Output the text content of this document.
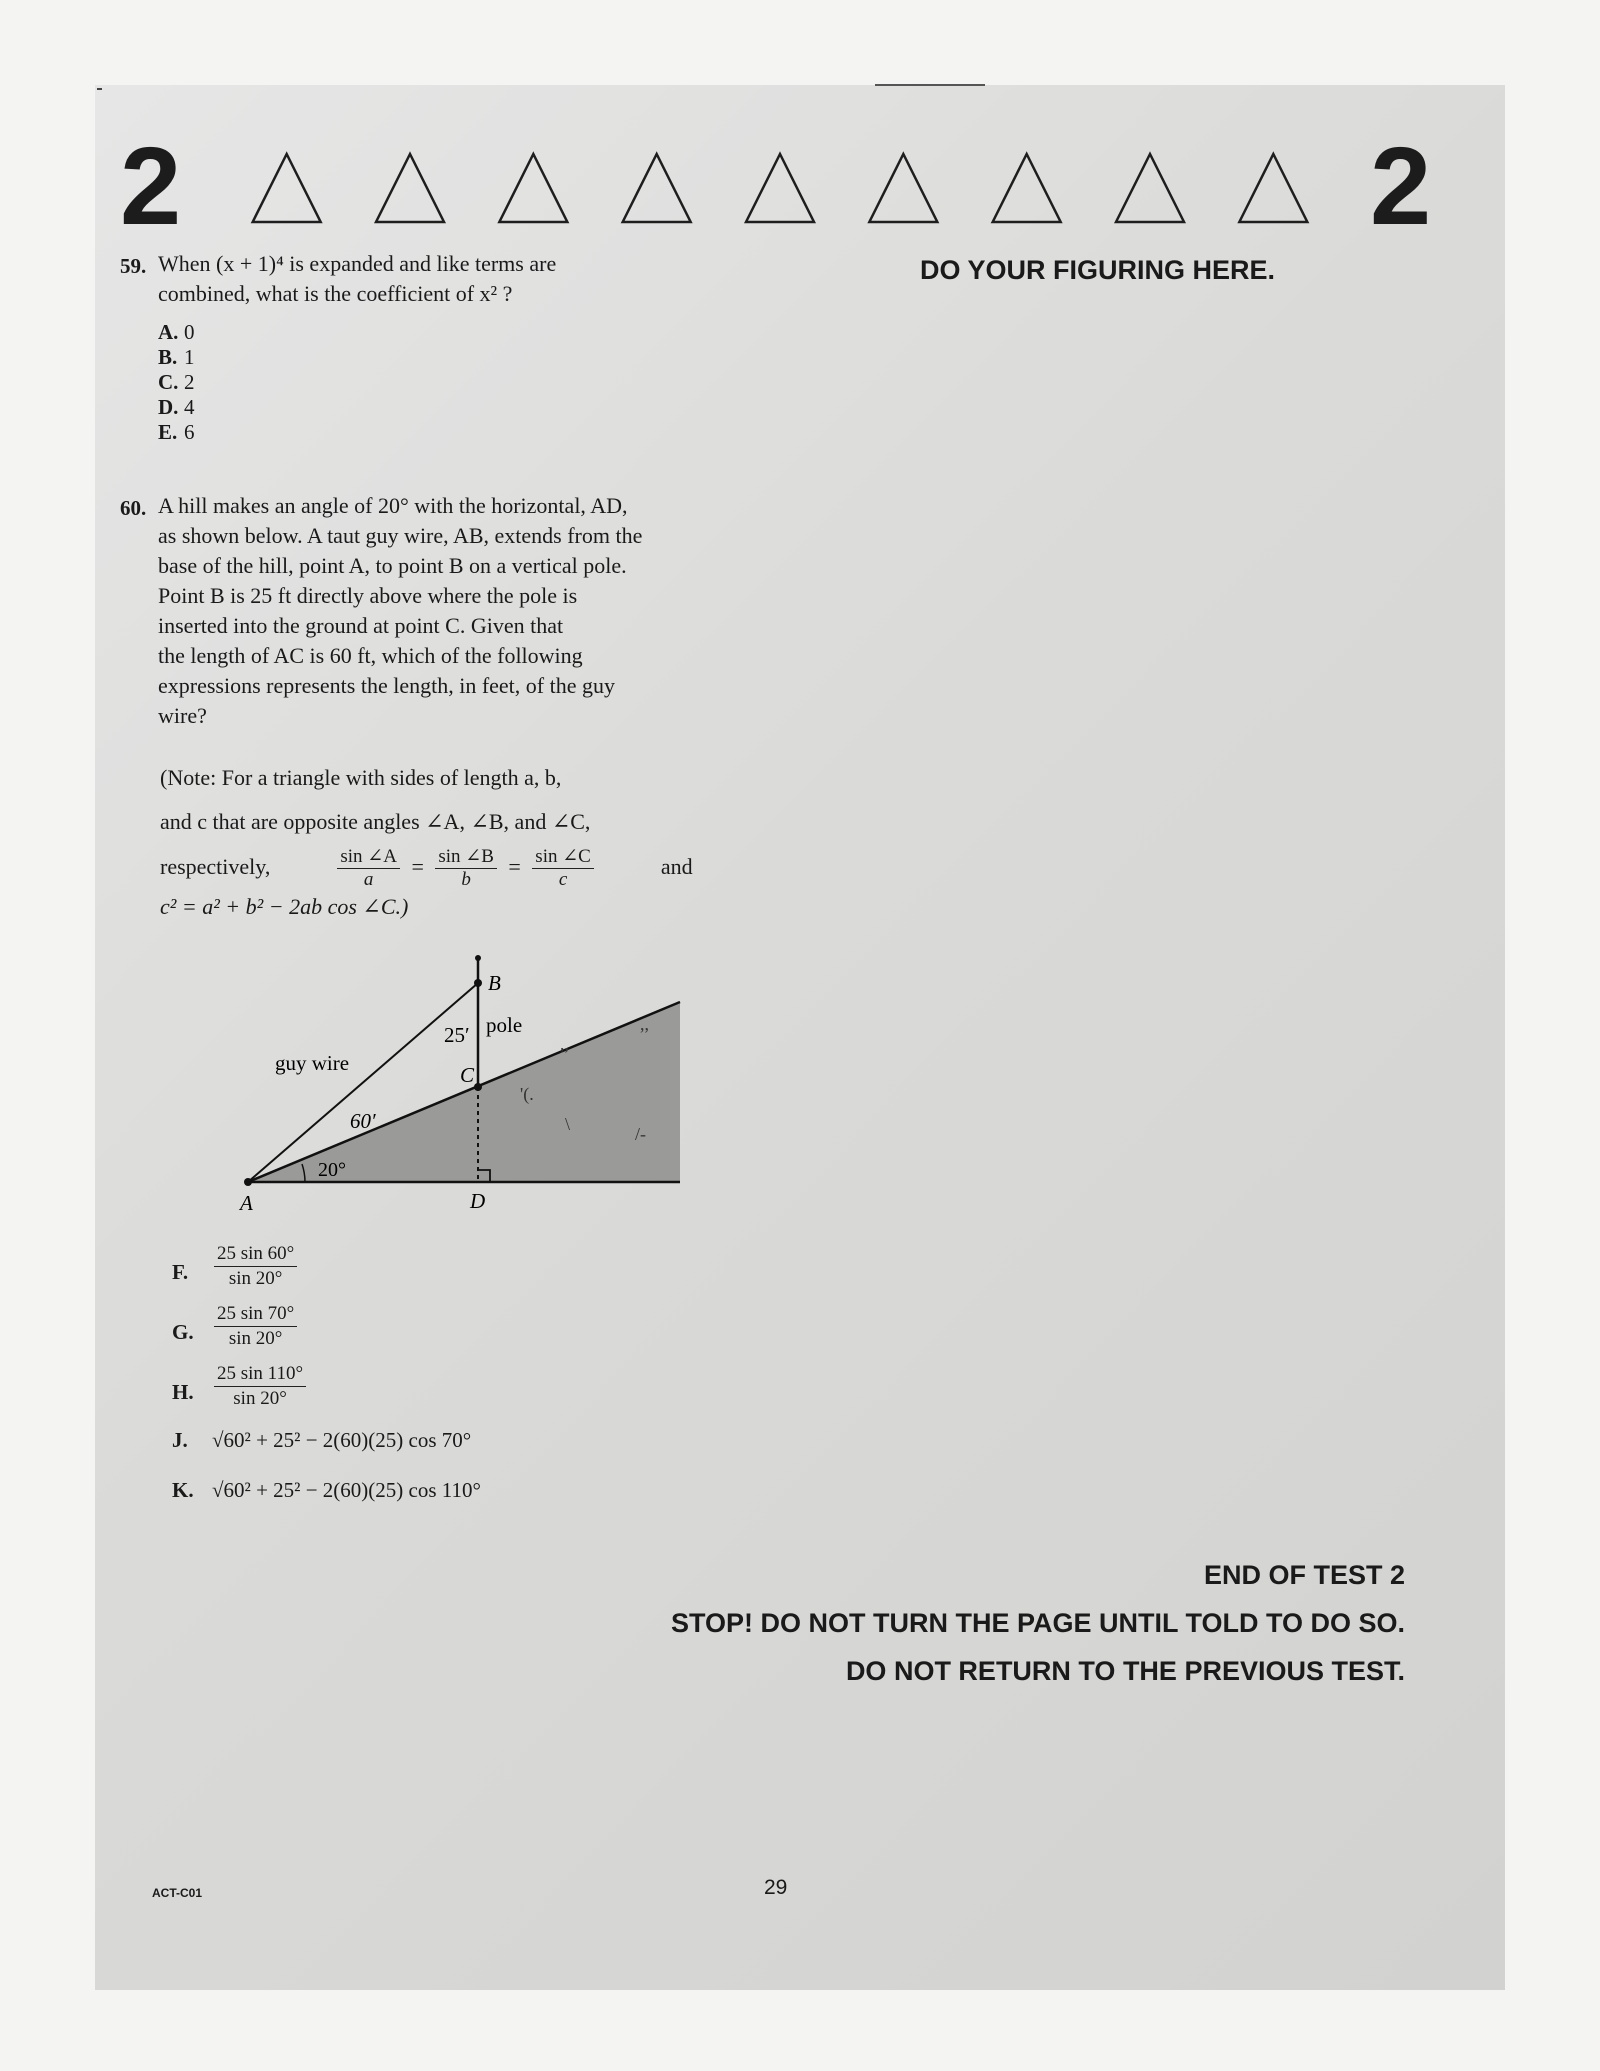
2	2
DO YOUR FIGURING HERE.
59. When (x + 1)⁴ is expanded and like terms are
combined, what is the coefficient of x² ?
A. 0
B. 1
C. 2
D. 4
E. 6
60. A hill makes an angle of 20° with the horizontal, AD,
as shown below. A taut guy wire, AB, extends from the
base of the hill, point A, to point B on a vertical pole.
Point B is 25 ft directly above where the pole is
inserted into the ground at point C. Given that
the length of AC is 60 ft, which of the following
expressions represents the length, in feet, of the guy
wire?
(Note: For a triangle with sides of length a, b,
and c that are opposite angles ∠A, ∠B, and ∠C,
respectively,	$\frac{\sin \angle A}{a} = \frac{\sin \angle B}{b} = \frac{\sin \angle C}{c}$	and
c² = a² + b² − 2ab cos ∠C.)
,,
'(.
,,
\	/-
B
A
C
D
25′ pole
guy wire
60′
20°
F. $\frac{25 \sin 60^\circ}{\sin 20^\circ}$
G. $\frac{25 \sin 70^\circ}{\sin 20^\circ}$
H. $\frac{25 \sin 110^\circ}{\sin 20^\circ}$
J. √60² + 25² − 2(60)(25) cos 70°
K. √60² + 25² − 2(60)(25) cos 110°
END OF TEST 2
STOP! DO NOT TURN THE PAGE UNTIL TOLD TO DO SO.
DO NOT RETURN TO THE PREVIOUS TEST.
ACT-C01	29
